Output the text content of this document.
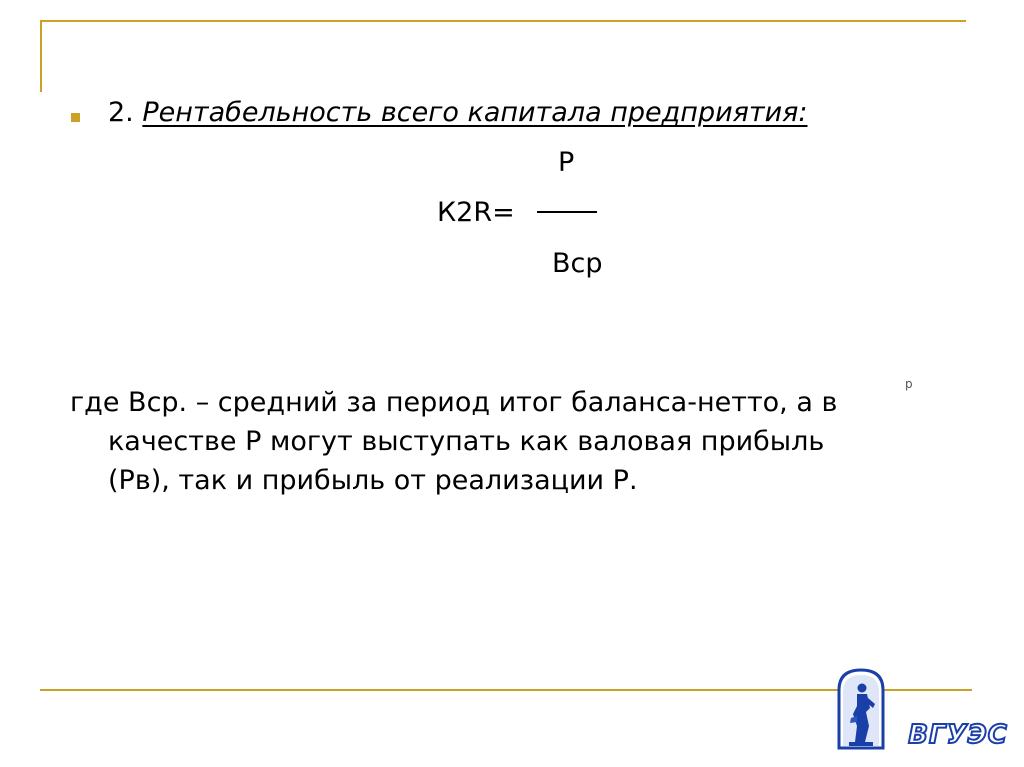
2. Рентабельность всего капитала предприятия:
P
К2R=
Вср
р
где Вср. – средний за период итог баланса-нетто, а в
качестве Р могут выступать как валовая прибыль
(Рв), так и прибыль от реализации Р.
ВГУЭС
